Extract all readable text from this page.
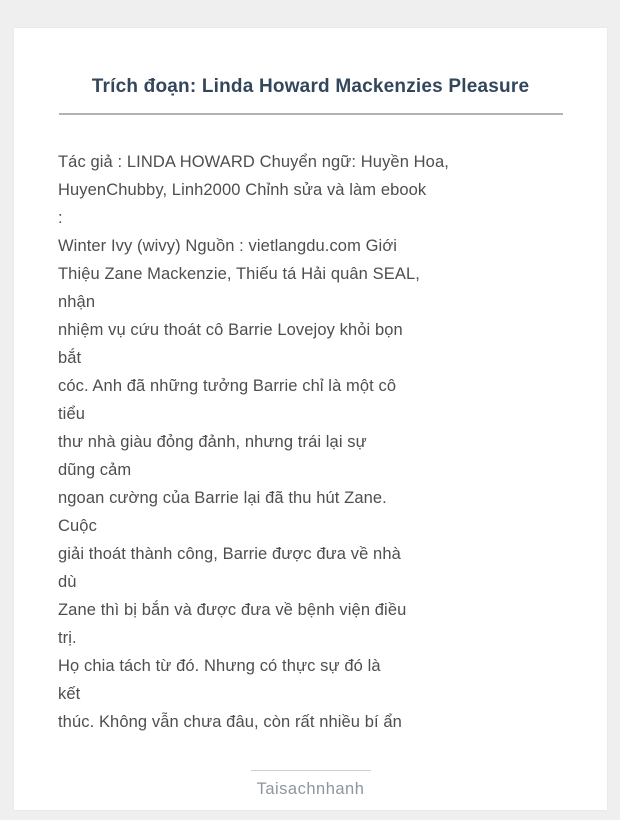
Trích đoạn: Linda Howard Mackenzies Pleasure
Tác giả : LINDA HOWARD Chuyển ngữ: Huyền Hoa,
HuyenChubby, Linh2000 Chỉnh sửa và làm ebook
:
Winter Ivy (wivy) Nguồn : vietlangdu.com Giới
Thiệu Zane Mackenzie, Thiếu tá Hải quân SEAL,
nhận
nhiệm vụ cứu thoát cô Barrie Lovejoy khỏi bọn
bắt
cóc. Anh đã những tưởng Barrie chỉ là một cô
tiểu
thư nhà giàu đỏng đảnh, nhưng trái lại sự
dũng cảm
ngoan cường của Barrie lại đã thu hút Zane.
Cuộc
giải thoát thành công, Barrie được đưa về nhà
dù
Zane thì bị bắn và được đưa về bệnh viện điều
trị.
Họ chia tách từ đó. Nhưng có thực sự đó là
kết
thúc. Không vẫn chưa đâu, còn rất nhiều bí ẩn
Taisachnhanh
